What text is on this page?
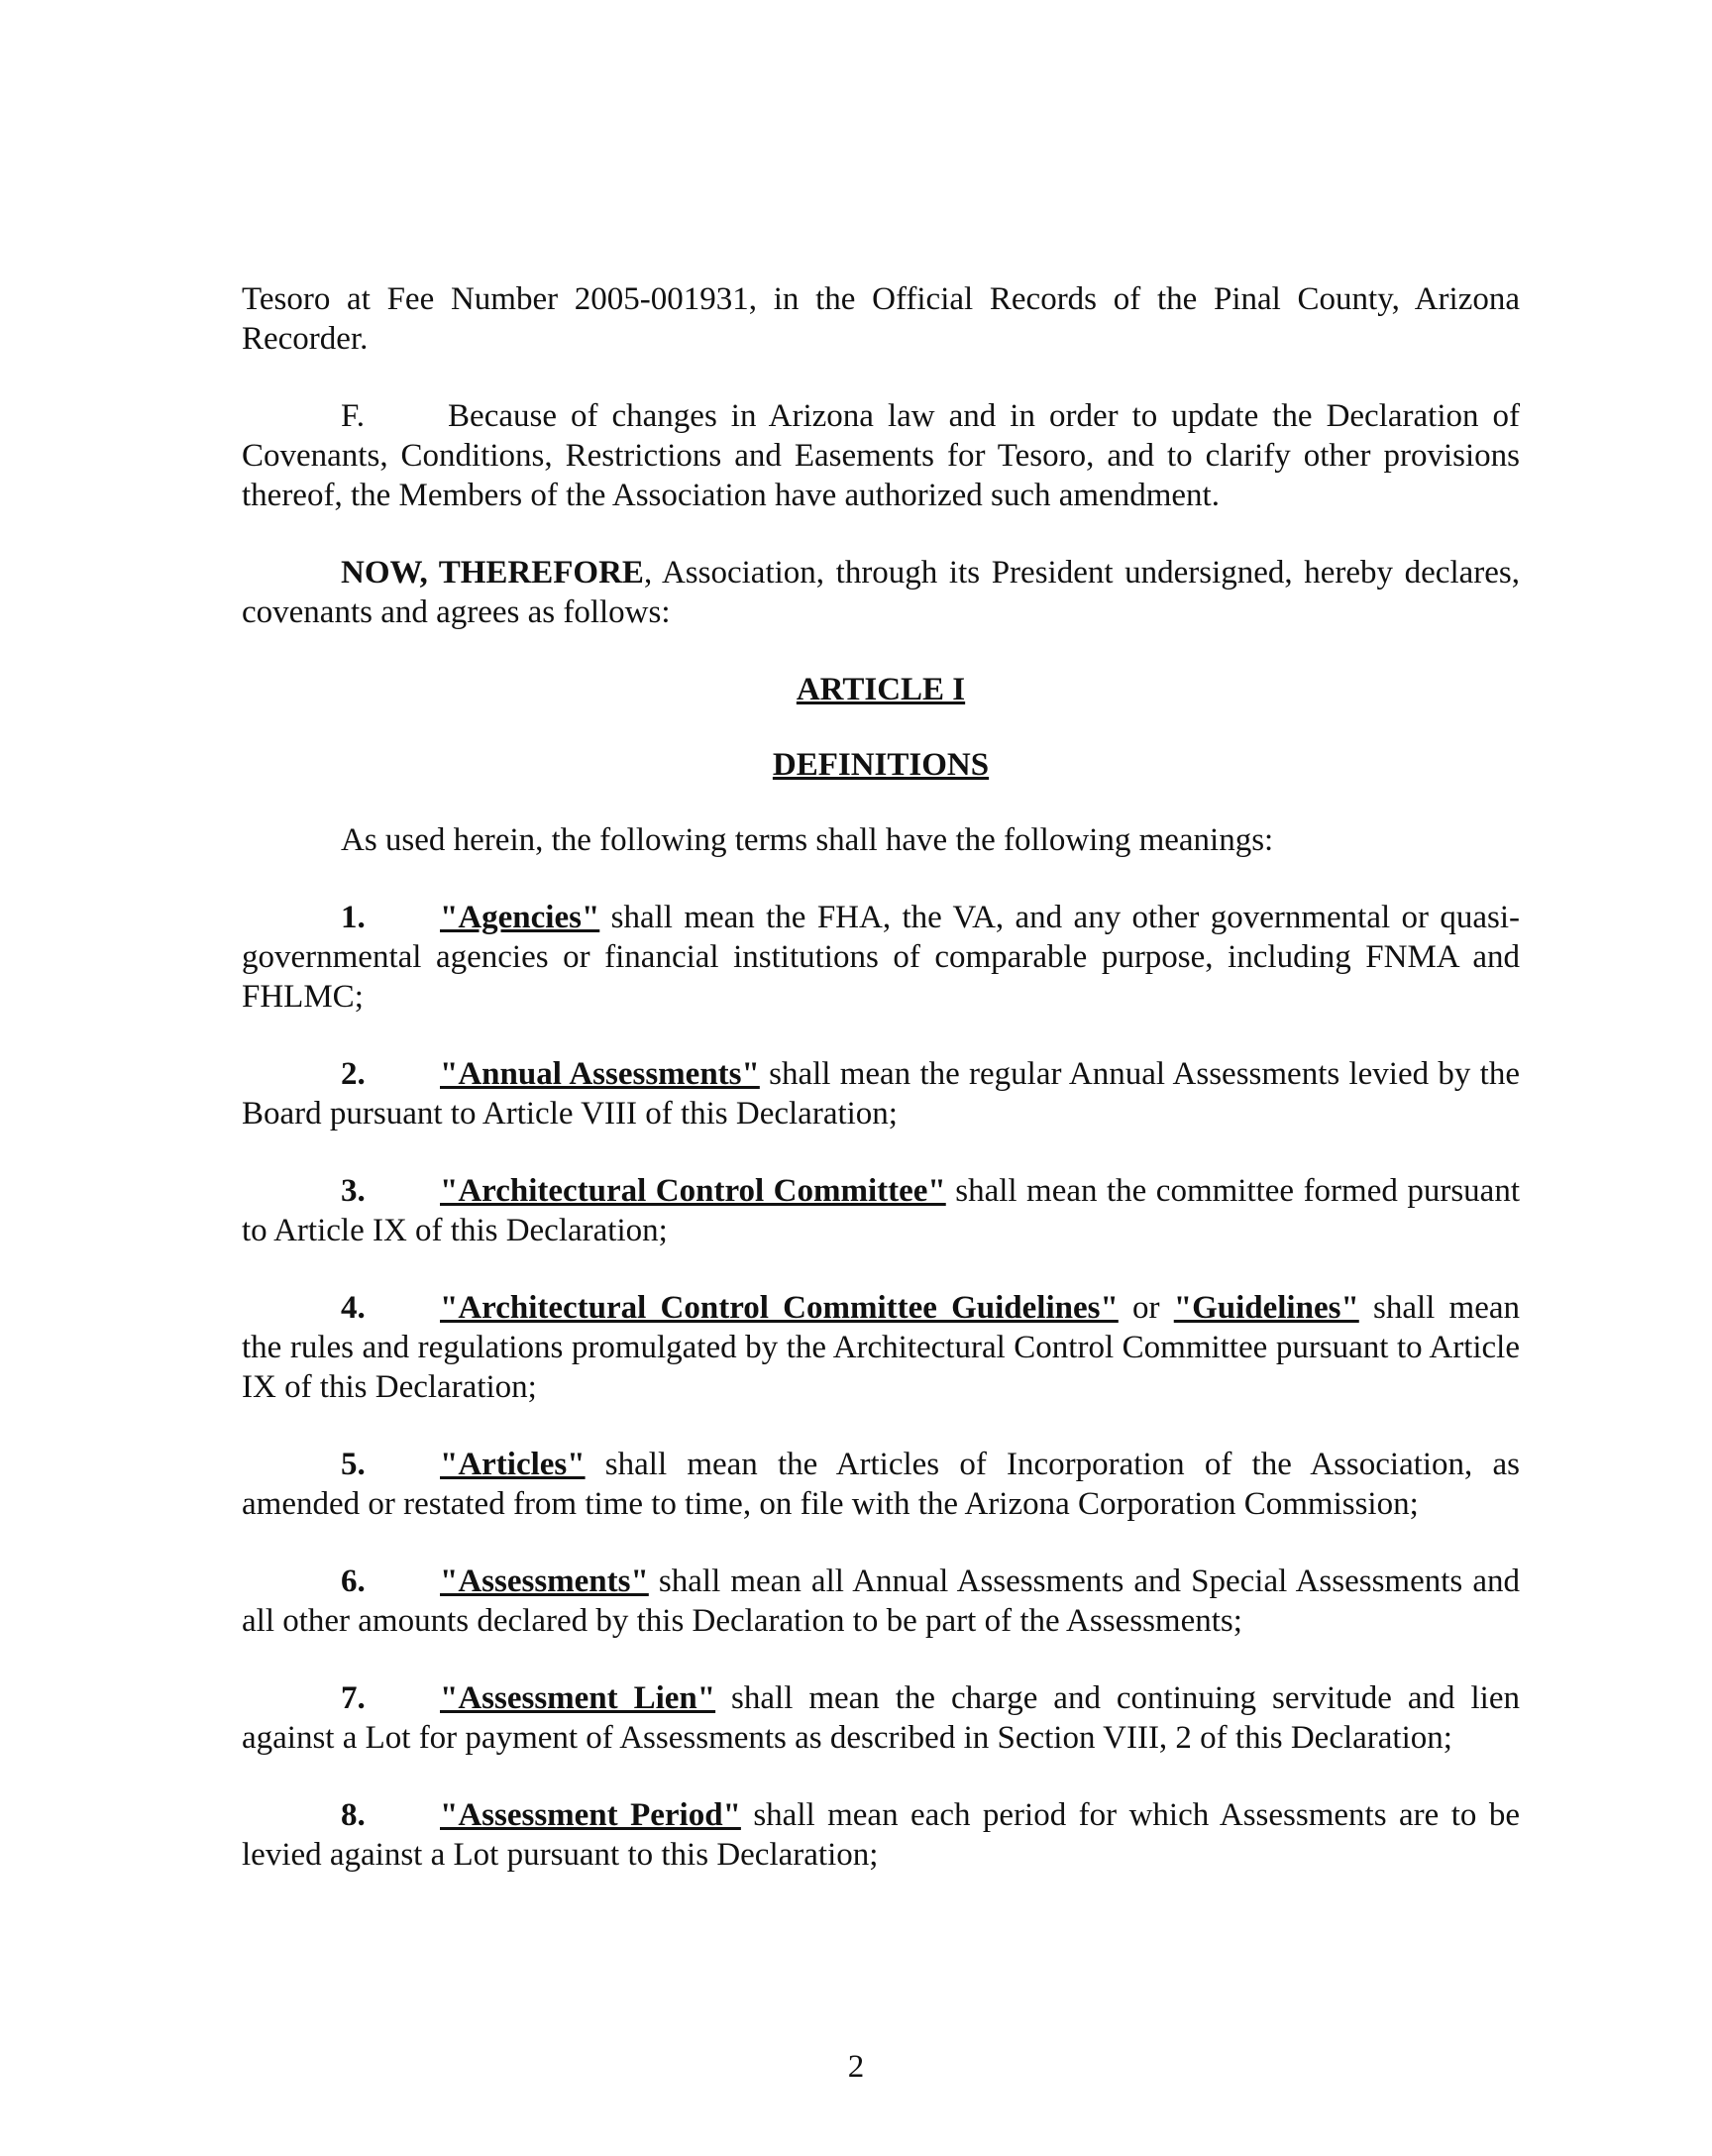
Tesoro at Fee Number 2005-001931, in the Official Records of the Pinal County, Arizona Recorder.

F.	Because of changes in Arizona law and in order to update the Declaration of Covenants, Conditions, Restrictions and Easements for Tesoro, and to clarify other provisions thereof, the Members of the Association have authorized such amendment.

NOW, THEREFORE, Association, through its President undersigned, hereby declares, covenants and agrees as follows:

ARTICLE I
DEFINITIONS

As used herein, the following terms shall have the following meanings:

1. "Agencies" shall mean the FHA, the VA, and any other governmental or quasi-governmental agencies or financial institutions of comparable purpose, including FNMA and FHLMC;

2. "Annual Assessments" shall mean the regular Annual Assessments levied by the Board pursuant to Article VIII of this Declaration;

3. "Architectural Control Committee" shall mean the committee formed pursuant to Article IX of this Declaration;

4. "Architectural Control Committee Guidelines" or "Guidelines" shall mean the rules and regulations promulgated by the Architectural Control Committee pursuant to Article IX of this Declaration;

5. "Articles" shall mean the Articles of Incorporation of the Association, as amended or restated from time to time, on file with the Arizona Corporation Commission;

6. "Assessments" shall mean all Annual Assessments and Special Assessments and all other amounts declared by this Declaration to be part of the Assessments;

7. "Assessment Lien" shall mean the charge and continuing servitude and lien against a Lot for payment of Assessments as described in Section VIII, 2 of this Declaration;

8. "Assessment Period" shall mean each period for which Assessments are to be levied against a Lot pursuant to this Declaration;

2
